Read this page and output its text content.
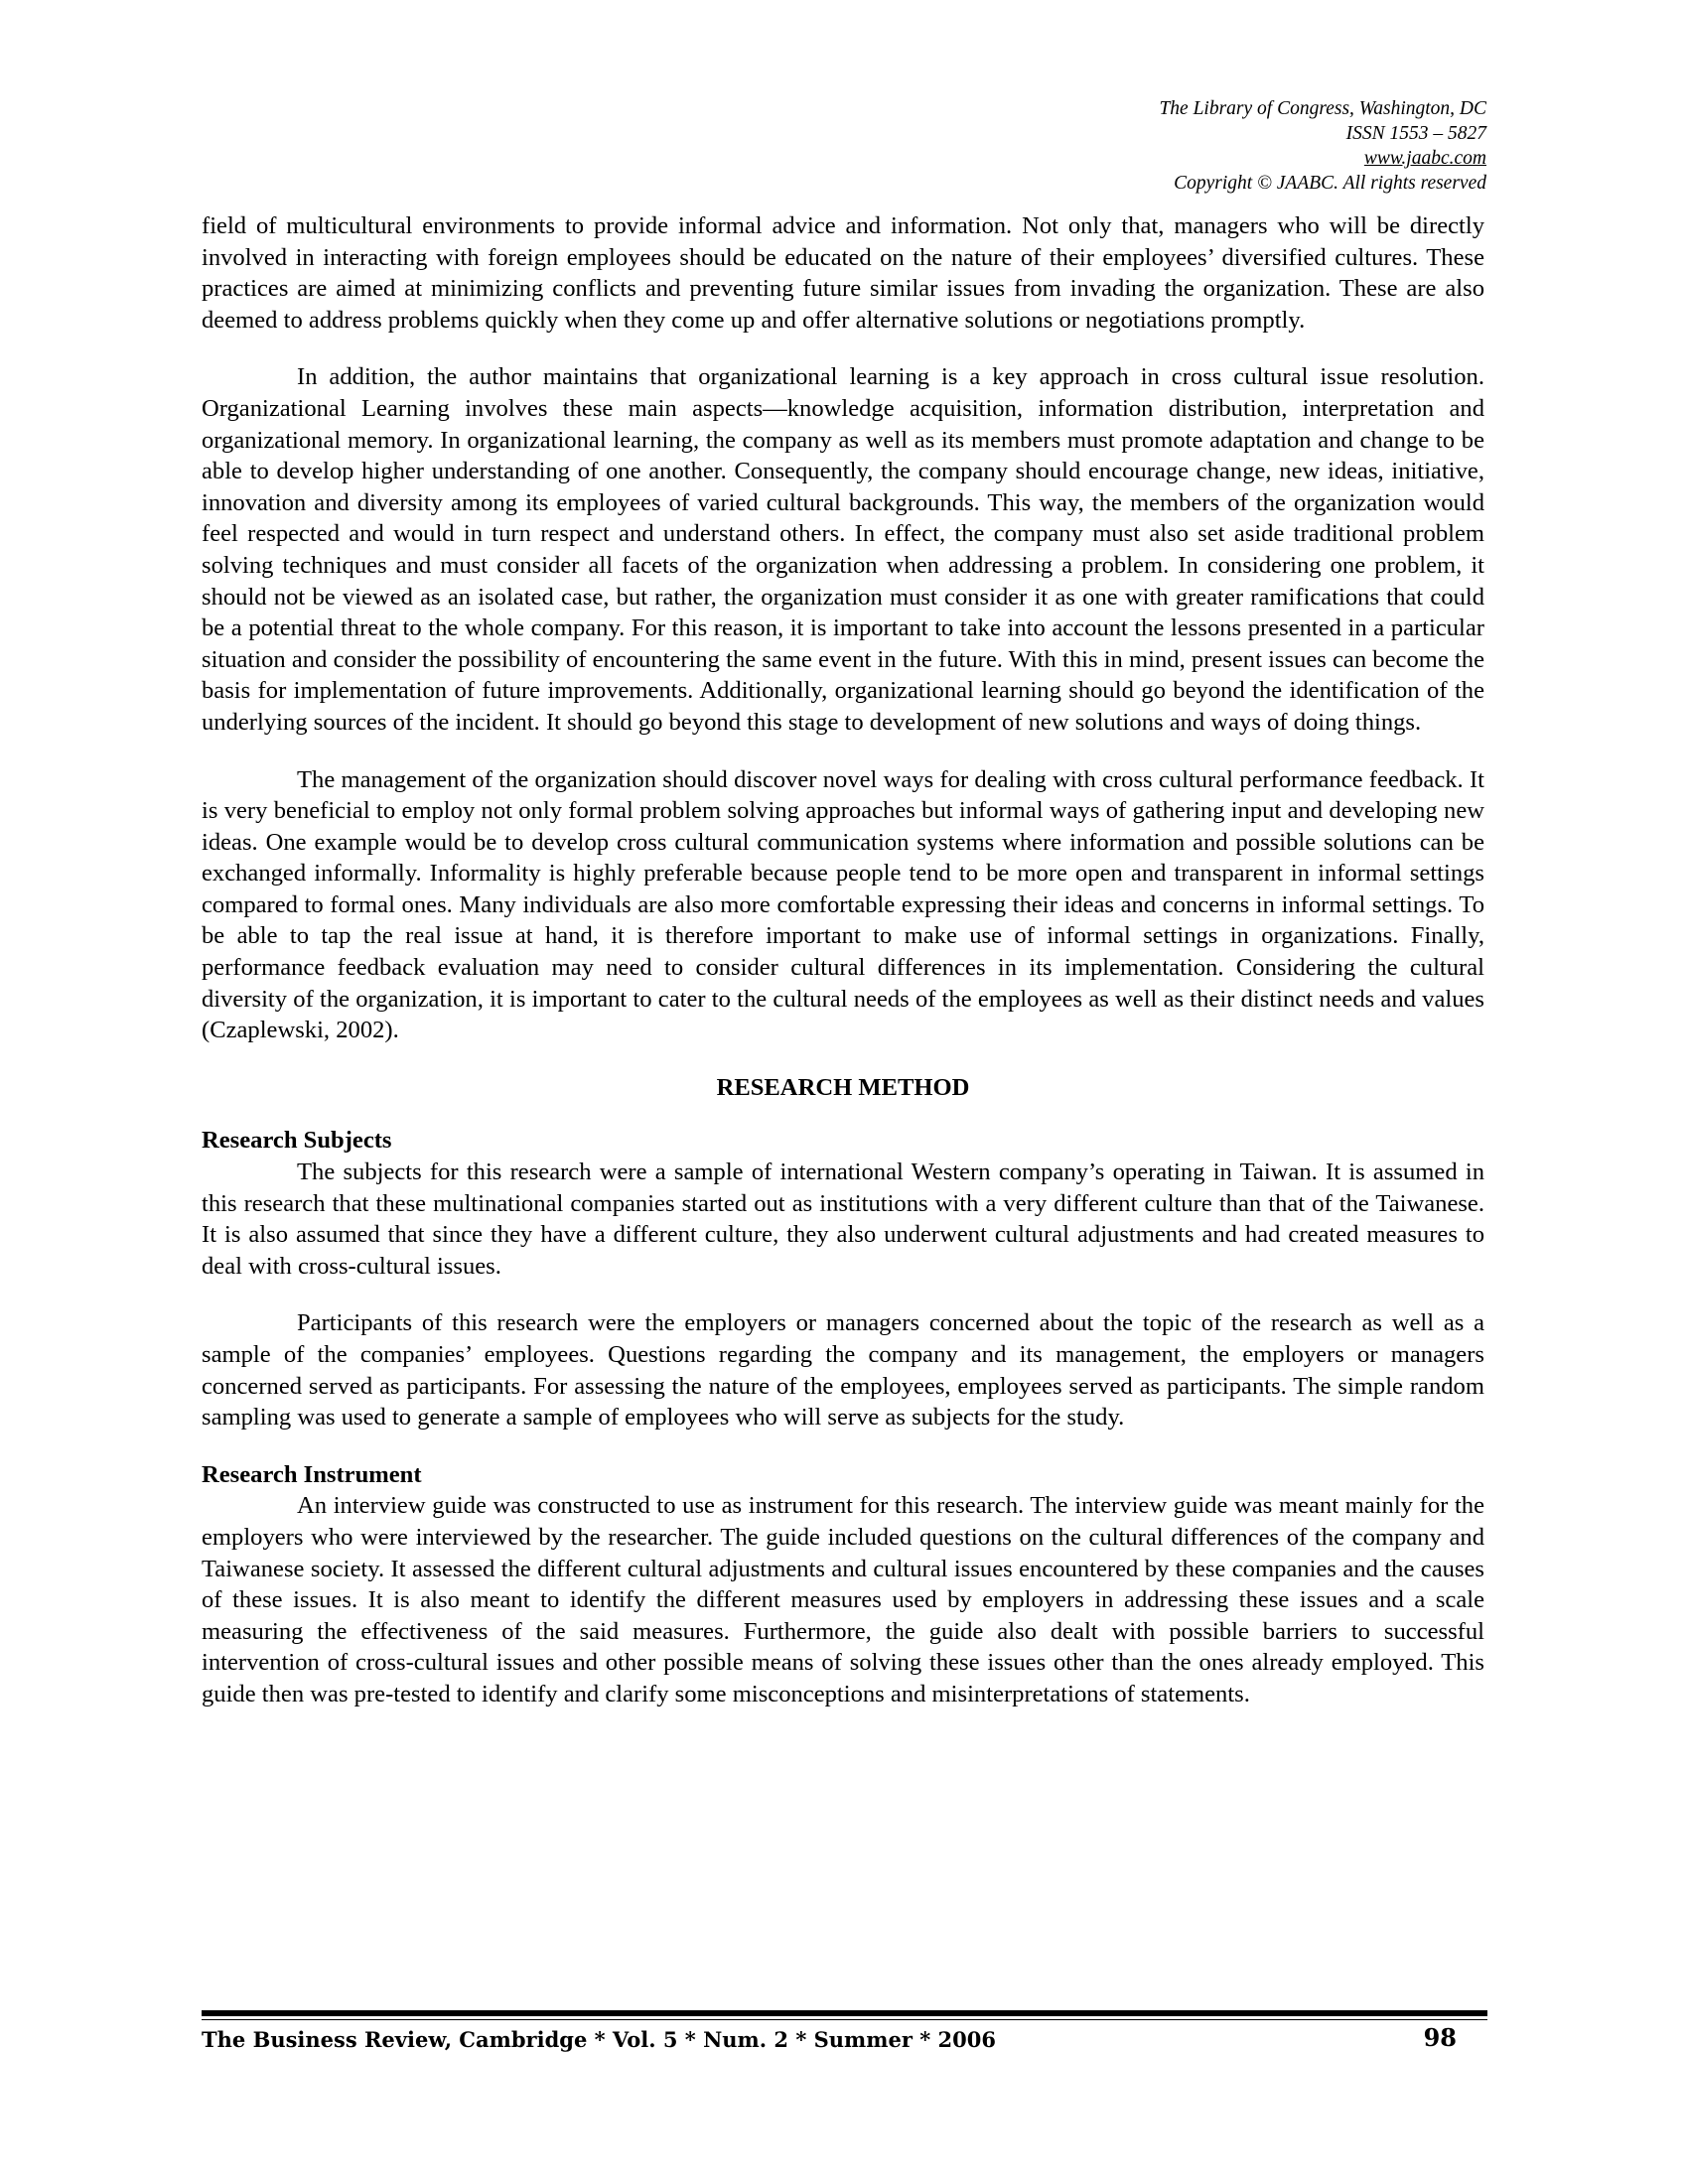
The Library of Congress, Washington, DC
ISSN 1553 – 5827
www.jaabc.com
Copyright © JAABC. All rights reserved

field of multicultural environments to provide informal advice and information. Not only that, managers who will be directly involved in interacting with foreign employees should be educated on the nature of their employees’ diversified cultures. These practices are aimed at minimizing conflicts and preventing future similar issues from invading the organization. These are also deemed to address problems quickly when they come up and offer alternative solutions or negotiations promptly.

In addition, the author maintains that organizational learning is a key approach in cross cultural issue resolution. Organizational Learning involves these main aspects—knowledge acquisition, information distribution, interpretation and organizational memory. In organizational learning, the company as well as its members must promote adaptation and change to be able to develop higher understanding of one another. Consequently, the company should encourage change, new ideas, initiative, innovation and diversity among its employees of varied cultural backgrounds. This way, the members of the organization would feel respected and would in turn respect and understand others. In effect, the company must also set aside traditional problem solving techniques and must consider all facets of the organization when addressing a problem. In considering one problem, it should not be viewed as an isolated case, but rather, the organization must consider it as one with greater ramifications that could be a potential threat to the whole company. For this reason, it is important to take into account the lessons presented in a particular situation and consider the possibility of encountering the same event in the future. With this in mind, present issues can become the basis for implementation of future improvements. Additionally, organizational learning should go beyond the identification of the underlying sources of the incident. It should go beyond this stage to development of new solutions and ways of doing things.

The management of the organization should discover novel ways for dealing with cross cultural performance feedback. It is very beneficial to employ not only formal problem solving approaches but informal ways of gathering input and developing new ideas. One example would be to develop cross cultural communication systems where information and possible solutions can be exchanged informally. Informality is highly preferable because people tend to be more open and transparent in informal settings compared to formal ones. Many individuals are also more comfortable expressing their ideas and concerns in informal settings. To be able to tap the real issue at hand, it is therefore important to make use of informal settings in organizations. Finally, performance feedback evaluation may need to consider cultural differences in its implementation. Considering the cultural diversity of the organization, it is important to cater to the cultural needs of the employees as well as their distinct needs and values (Czaplewski, 2002).

RESEARCH METHOD
Research Subjects

The subjects for this research were a sample of international Western company’s operating in Taiwan. It is assumed in this research that these multinational companies started out as institutions with a very different culture than that of the Taiwanese. It is also assumed that since they have a different culture, they also underwent cultural adjustments and had created measures to deal with cross-cultural issues.

Participants of this research were the employers or managers concerned about the topic of the research as well as a sample of the companies’ employees. Questions regarding the company and its management, the employers or managers concerned served as participants. For assessing the nature of the employees, employees served as participants. The simple random sampling was used to generate a sample of employees who will serve as subjects for the study.

Research Instrument

An interview guide was constructed to use as instrument for this research. The interview guide was meant mainly for the employers who were interviewed by the researcher. The guide included questions on the cultural differences of the company and Taiwanese society. It assessed the different cultural adjustments and cultural issues encountered by these companies and the causes of these issues. It is also meant to identify the different measures used by employers in addressing these issues and a scale measuring the effectiveness of the said measures. Furthermore, the guide also dealt with possible barriers to successful intervention of cross-cultural issues and other possible means of solving these issues other than the ones already employed. This guide then was pre-tested to identify and clarify some misconceptions and misinterpretations of statements.

The Business Review, Cambridge * Vol. 5 * Num. 2 * Summer * 2006	98
